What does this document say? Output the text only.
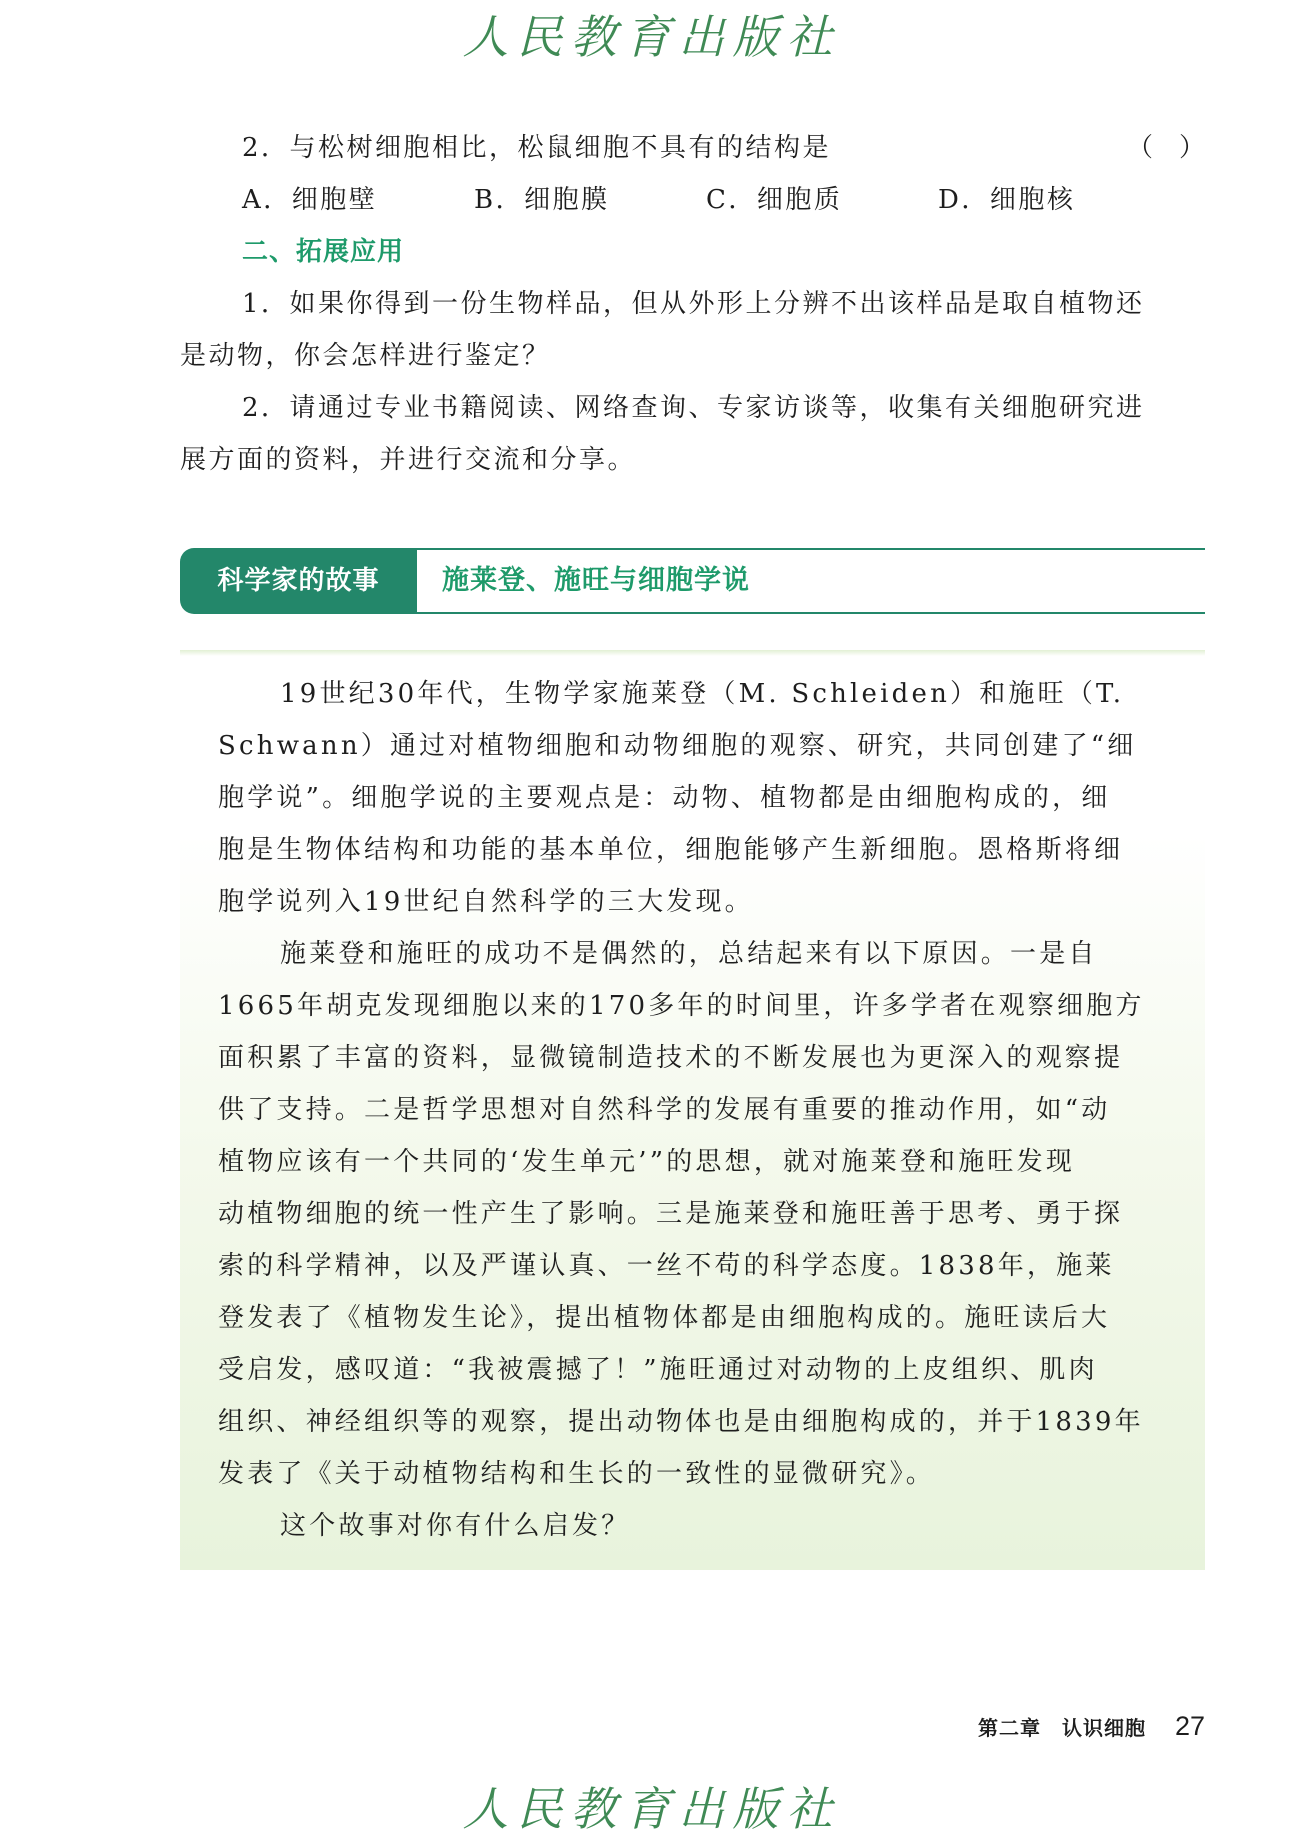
人民教育出版社
2．与松树细胞相比，松鼠细胞不具有的结构是	（　）
A．细胞壁	B．细胞膜	C．细胞质	D．细胞核
二、拓展应用
1．如果你得到一份生物样品，但从外形上分辨不出该样品是取自植物还
是动物，你会怎样进行鉴定？
2．请通过专业书籍阅读、网络查询、专家访谈等，收集有关细胞研究进
展方面的资料，并进行交流和分享。
科学家的故事	施莱登、施旺与细胞学说
19世纪30年代，生物学家施莱登（M. Schleiden）和施旺（T.
Schwann）通过对植物细胞和动物细胞的观察、研究，共同创建了“细
胞学说”。细胞学说的主要观点是：动物、植物都是由细胞构成的，细
胞是生物体结构和功能的基本单位，细胞能够产生新细胞。恩格斯将细
胞学说列入19世纪自然科学的三大发现。
施莱登和施旺的成功不是偶然的，总结起来有以下原因。一是自
1665年胡克发现细胞以来的170多年的时间里，许多学者在观察细胞方
面积累了丰富的资料，显微镜制造技术的不断发展也为更深入的观察提
供了支持。二是哲学思想对自然科学的发展有重要的推动作用，如“动
植物应该有一个共同的‘发生单元’”的思想，就对施莱登和施旺发现
动植物细胞的统一性产生了影响。三是施莱登和施旺善于思考、勇于探
索的科学精神，以及严谨认真、一丝不苟的科学态度。1838年，施莱
登发表了《植物发生论》，提出植物体都是由细胞构成的。施旺读后大
受启发，感叹道：“我被震撼了！”施旺通过对动物的上皮组织、肌肉
组织、神经组织等的观察，提出动物体也是由细胞构成的，并于1839年
发表了《关于动植物结构和生长的一致性的显微研究》。
这个故事对你有什么启发？
第二章　认识细胞 27
人民教育出版社
